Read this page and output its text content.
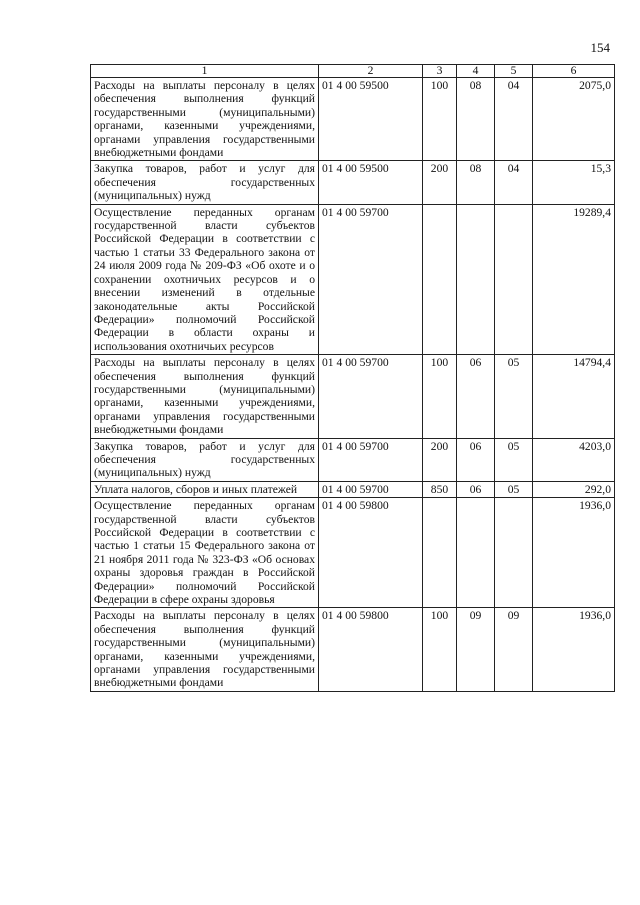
154
1	2	3	4	5	6
Расходы на выплаты персоналу в целях обеспечения выполнения функций государственными (муниципальными) органами, казенными учреждениями, органами управления государственными внебюджетными фондами	01 4 00 59500	100	08	04	2075,0
Закупка товаров, работ и услуг для обеспечения государственных (муниципальных) нужд	01 4 00 59500	200	08	04	15,3
Осуществление переданных органам государственной власти субъектов Российской Федерации в соответствии с частью 1 статьи 33 Федерального закона от 24 июля 2009 года № 209-ФЗ «Об охоте и о сохранении охотничьих ресурсов и о внесении изменений в отдельные законодательные акты Российской Федерации» полномочий Российской Федерации в области охраны и использования охотничьих ресурсов	01 4 00 59700				19289,4
Расходы на выплаты персоналу в целях обеспечения выполнения функций государственными (муниципальными) органами, казенными учреждениями, органами управления государственными внебюджетными фондами	01 4 00 59700	100	06	05	14794,4
Закупка товаров, работ и услуг для обеспечения государственных (муниципальных) нужд	01 4 00 59700	200	06	05	4203,0
Уплата налогов, сборов и иных платежей	01 4 00 59700	850	06	05	292,0
Осуществление переданных органам государственной власти субъектов Российской Федерации в соответствии с частью 1 статьи 15 Федерального закона от 21 ноября 2011 года № 323-ФЗ «Об основах охраны здоровья граждан в Российской Федерации» полномочий Российской Федерации в сфере охраны здоровья	01 4 00 59800				1936,0
Расходы на выплаты персоналу в целях обеспечения выполнения функций государственными (муниципальными) органами, казенными учреждениями, органами управления государственными внебюджетными фондами	01 4 00 59800	100	09	09	1936,0
